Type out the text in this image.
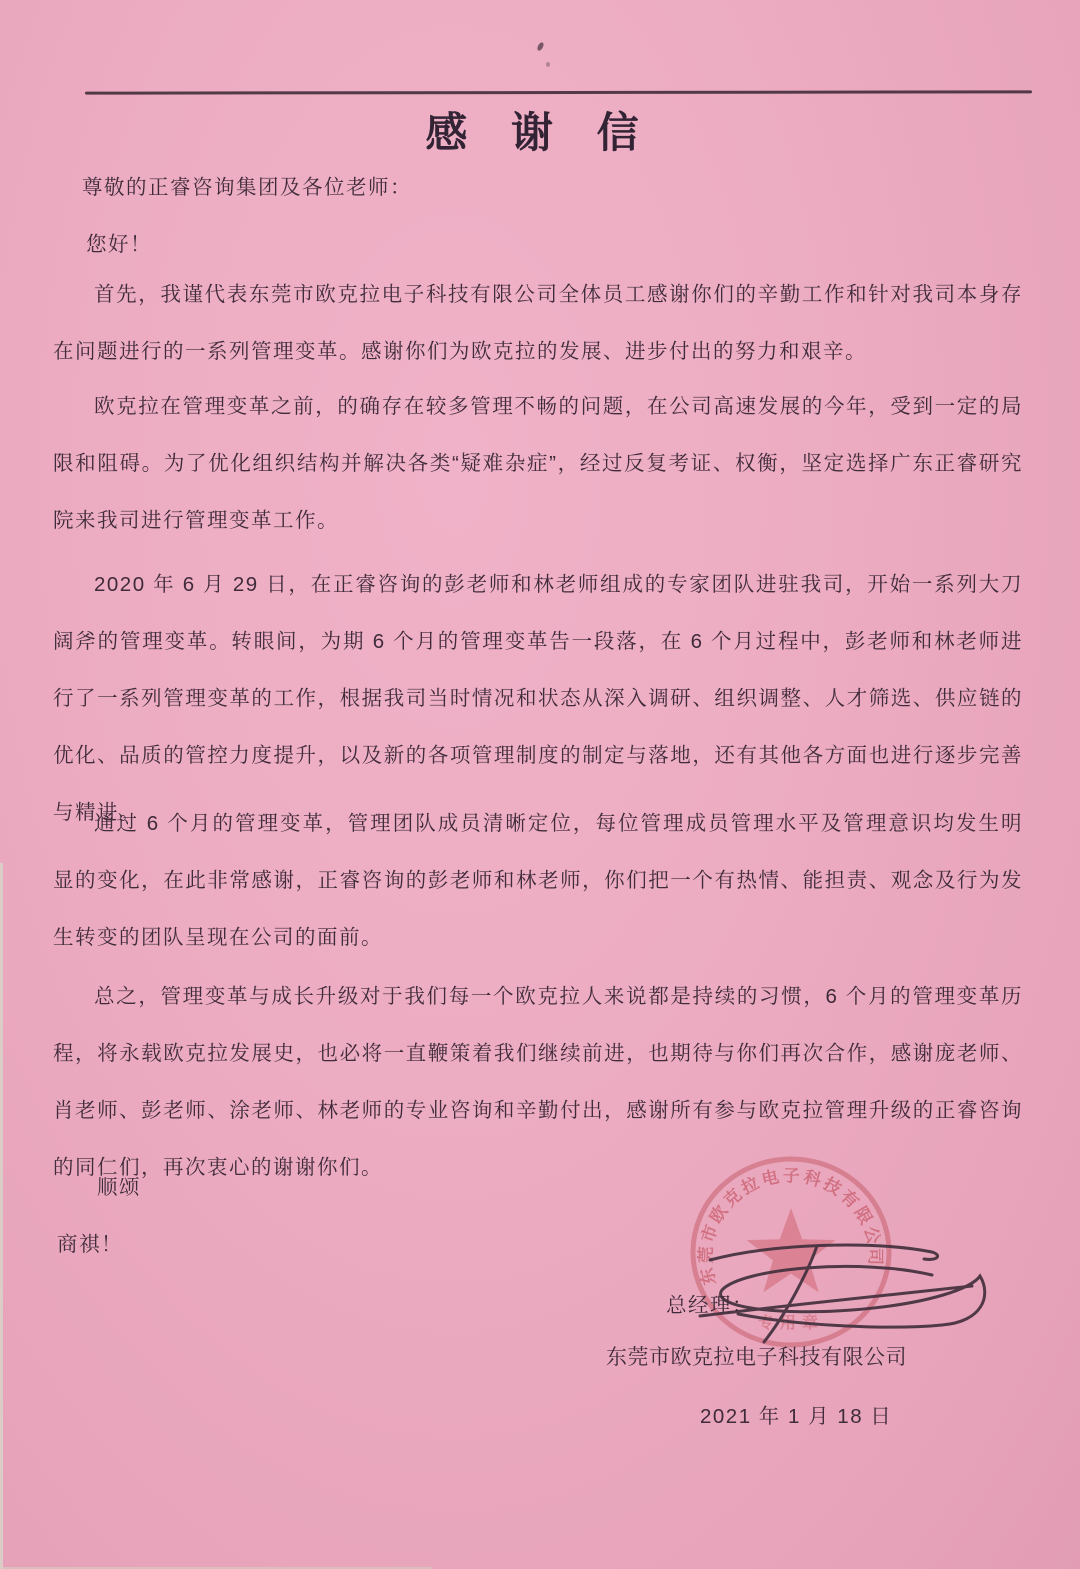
感 谢 信
尊敬的正睿咨询集团及各位老师：
您好！
首先，我谨代表东莞市欧克拉电子科技有限公司全体员工感谢你们的辛勤工作和针对我司本身存在问题进行的一系列管理变革。感谢你们为欧克拉的发展、进步付出的努力和艰辛。
欧克拉在管理变革之前，的确存在较多管理不畅的问题，在公司高速发展的今年，受到一定的局限和阻碍。为了优化组织结构并解决各类“疑难杂症”，经过反复考证、权衡，坚定选择广东正睿研究院来我司进行管理变革工作。
2020 年 6 月 29 日，在正睿咨询的彭老师和林老师组成的专家团队进驻我司，开始一系列大刀阔斧的管理变革。转眼间，为期 6 个月的管理变革告一段落，在 6 个月过程中，彭老师和林老师进行了一系列管理变革的工作，根据我司当时情况和状态从深入调研、组织调整、人才筛选、供应链的优化、品质的管控力度提升，以及新的各项管理制度的制定与落地，还有其他各方面也进行逐步完善与精进。
通过 6 个月的管理变革，管理团队成员清晰定位，每位管理成员管理水平及管理意识均发生明显的变化，在此非常感谢，正睿咨询的彭老师和林老师，你们把一个有热情、能担责、观念及行为发生转变的团队呈现在公司的面前。
总之，管理变革与成长升级对于我们每一个欧克拉人来说都是持续的习惯，6 个月的管理变革历程，将永载欧克拉发展史，也必将一直鞭策着我们继续前进，也期待与你们再次合作，感谢庞老师、肖老师、彭老师、涂老师、林老师的专业咨询和辛勤付出，感谢所有参与欧克拉管理升级的正睿咨询的同仁们，再次衷心的谢谢你们。
顺颂
商祺！
东莞市欧克拉电子科技有限公司
专用章
总经理：
东莞市欧克拉电子科技有限公司
2021 年 1 月 18 日
